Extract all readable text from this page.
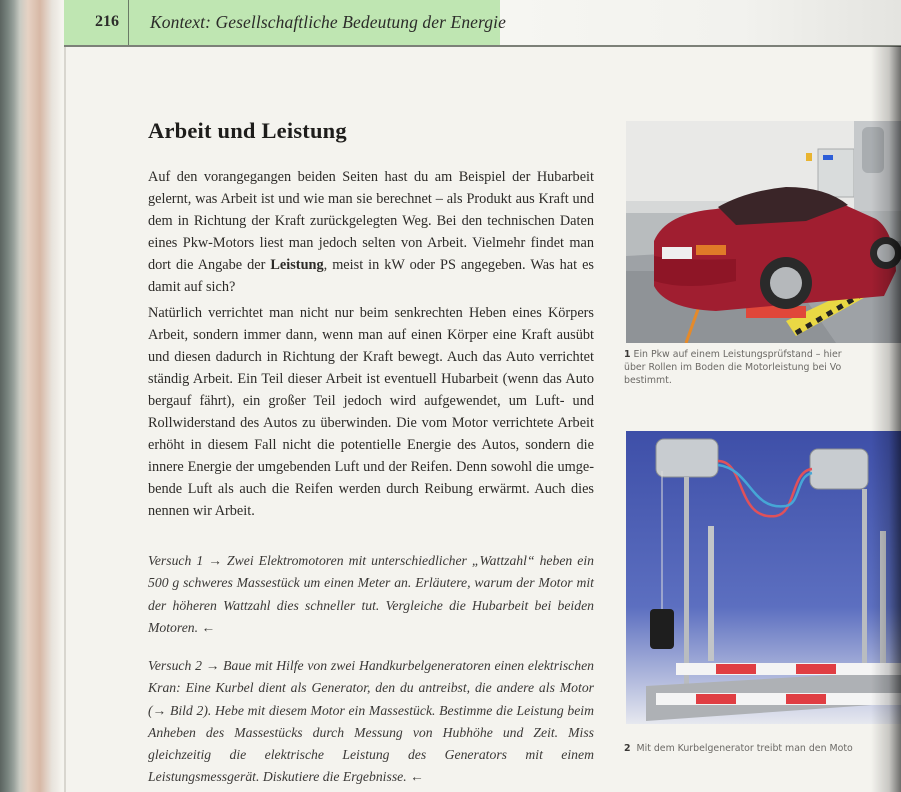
216 Kontext: Gesellschaftliche Bedeutung der Energie
Arbeit und Leistung

Auf den vorangegangen beiden Seiten hast du am Beispiel der Hubarbeit gelernt, was Arbeit ist und wie man sie berechnet – als Produkt aus Kraft und dem in Richtung der Kraft zurückgelegten Weg. Bei den technischen Daten eines Pkw-Motors liest man jedoch selten von Arbeit. Vielmehr findet man dort die Angabe der Leistung, meist in kW oder PS angegeben. Was hat es damit auf sich?

Natürlich verrichtet man nicht nur beim senkrechten Heben eines Körpers Arbeit, sondern immer dann, wenn man auf einen Körper eine Kraft ausübt und diesen dadurch in Richtung der Kraft bewegt. Auch das Auto verrichtet ständig Arbeit. Ein Teil dieser Arbeit ist eventuell Hubarbeit (wenn das Auto bergauf fährt), ein großer Teil jedoch wird aufgewendet, um Luft- und Rollwiderstand des Autos zu überwinden. Die vom Motor verrichtete Arbeit erhöht in diesem Fall nicht die potentielle Energie des Autos, sondern die innere Energie der umgebenden Luft und der Reifen. Denn sowohl die umgebende Luft als auch die Reifen werden durch Reibung erwärmt. Auch dies nennen wir Arbeit.

Versuch 1 → Zwei Elektromotoren mit unterschiedlicher „Wattzahl“ heben ein 500 g schweres Massestück um einen Meter an. Erläutere, warum der Motor mit der höheren Wattzahl dies schneller tut. Vergleiche die Hubarbeit bei beiden Motoren. ←

Versuch 2 → Baue mit Hilfe von zwei Handkurbelgeneratoren einen elektrischen Kran: Eine Kurbel dient als Generator, den du antreibst, die andere als Motor (→ Bild 2). Hebe mit diesem Motor ein Massestück. Bestimme die Leistung beim Anheben des Massestücks durch Messung von Hubhöhe und Zeit. Miss gleichzeitig die elektrische Leistung des Generators mit einem Leistungsmessgerät. Diskutiere die Ergebnisse. ←

1 Ein Pkw auf einem Leistungsprüfstand – hier
über Rollen im Boden die Motorleistung bei Vo
bestimmt.
2 Mit dem Kurbelgenerator treibt man den Moto
